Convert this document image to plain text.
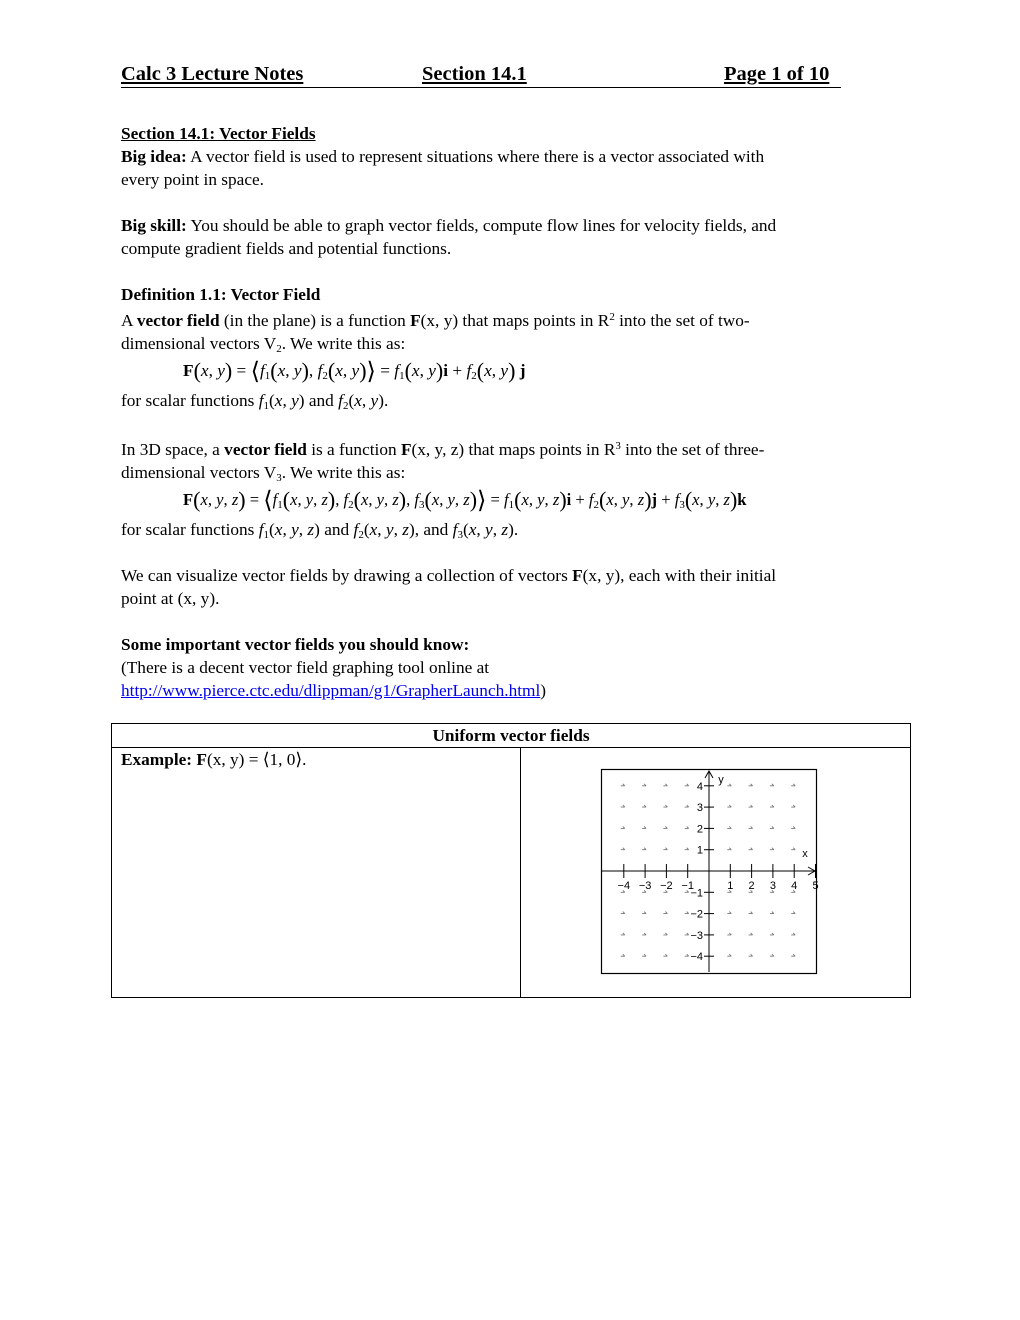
Calc 3 Lecture Notes	Section 14.1	Page 1 of 10
Section 14.1: Vector Fields
Big idea: A vector field is used to represent situations where there is a vector associated with
every point in space.
Big skill: You should be able to graph vector fields, compute flow lines for velocity fields, and
compute gradient fields and potential functions.
Definition 1.1: Vector Field
A vector field (in the plane) is a function F(x, y) that maps points in $R^2$ into the set of two-
dimensional vectors $V_2$. We write this as:
F(x, $y) = ⟨f_1(x$, y), $f_2(x$, y)⟩ = $f_1(x$, $y)i + f_2(x$, y) j
for scalar functions $f_1(x$, y) and $f_2(x$, y).
In 3D space, a vector field is a function F(x, y, z) that maps points in $R^3$ into the set of three-
dimensional vectors $V_3$. We write this as:
F(x, y, $z) = ⟨f_1(x$, y, z), $f_2(x$, y, z), $f_3(x$, y, z)⟩ = $f_1(x$, y, $z)i + f_2(x$, y, $z)j + f_3(x$, y, z)k
for scalar functions $f_1(x$, y, z) and $f_2(x$, y, z), and $f_3(x$, y, z).
We can visualize vector fields by drawing a collection of vectors F(x, y), each with their initial
point at (x, y).
Some important vector fields you should know:
(There is a decent vector field graphing tool online at
http://www.pierce.ctc.edu/dlippman/g1/GrapherLaunch.html)
Uniform vector fields
Example: F(x, y) = ⟨1, 0⟩.	
−4 −3 −2 −1	1 2 3 4 5
4
3
2
1
−1
−2
−3
−4
x
y
